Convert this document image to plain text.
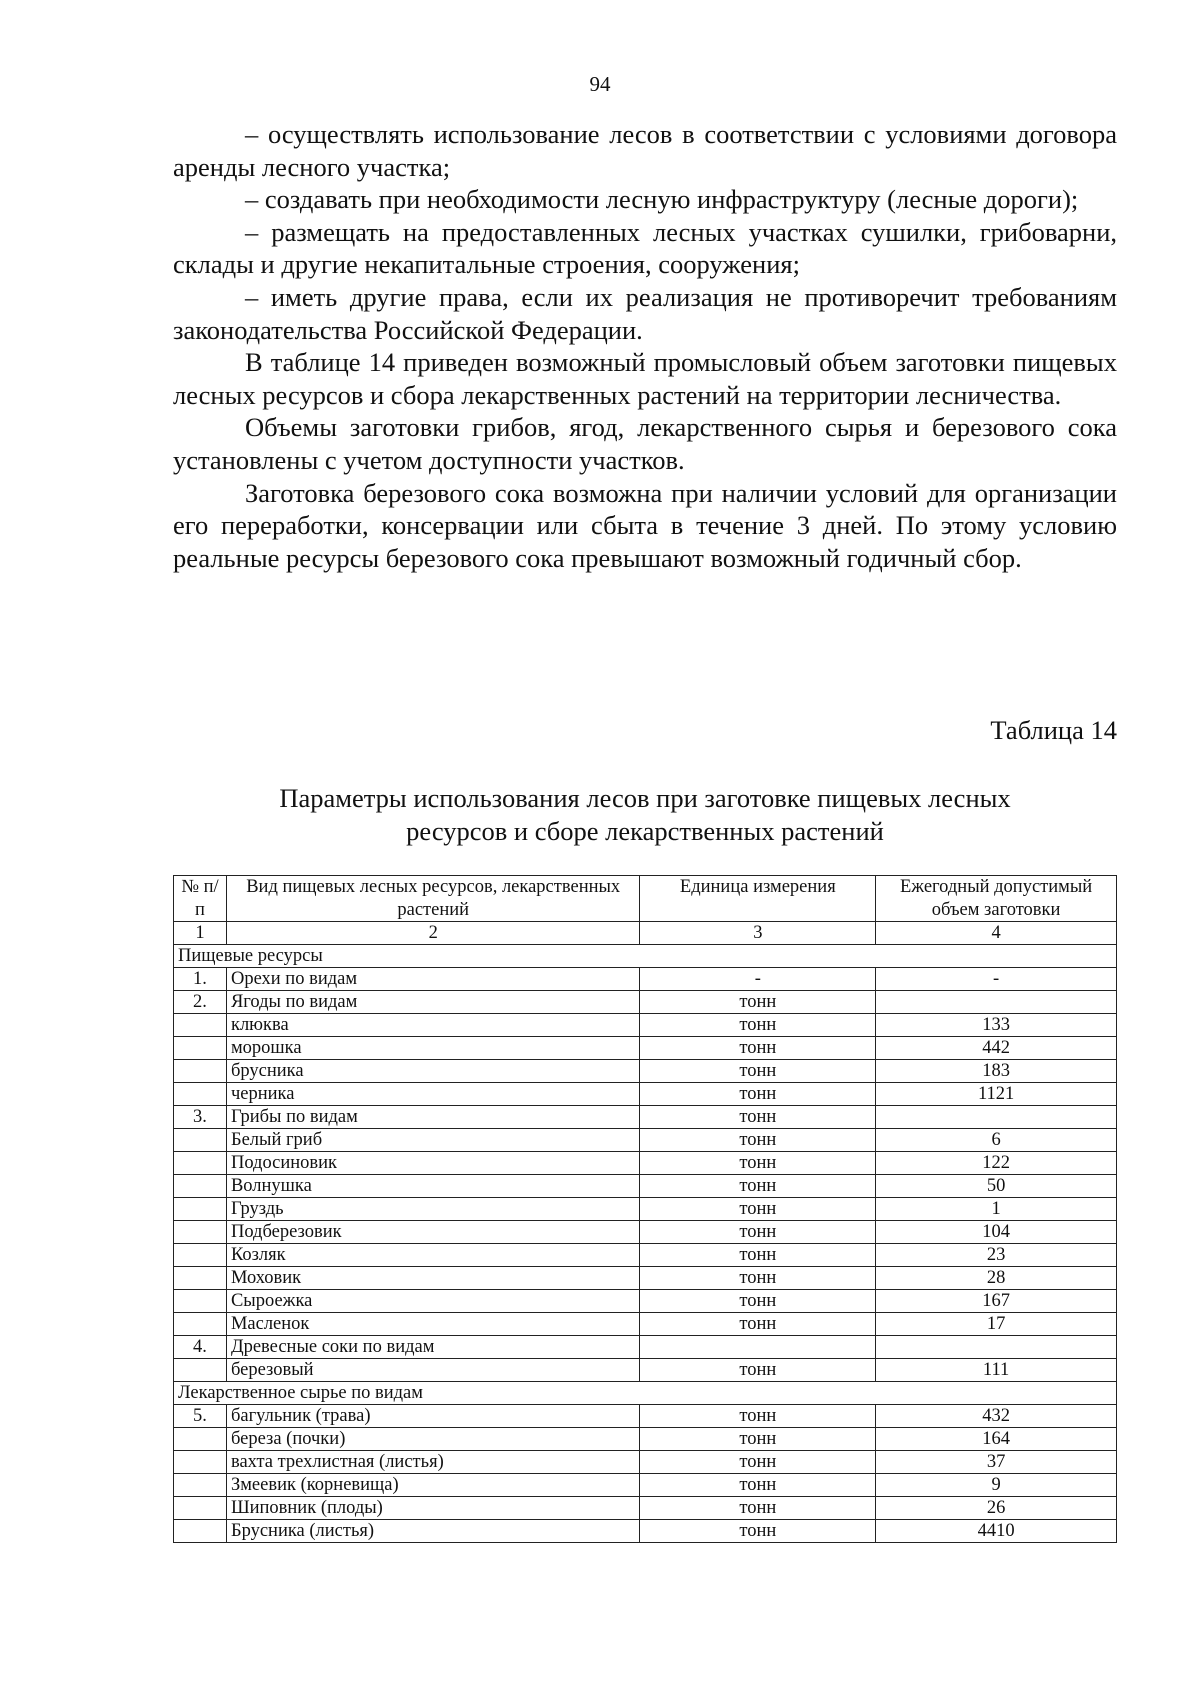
94

– осуществлять использование лесов в соответствии с условиями договора аренды лесного участка;

– создавать при необходимости лесную инфраструктуру (лесные дороги);

– размещать на предоставленных лесных участках сушилки, грибоварни, склады и другие некапитальные строения, сооружения;

– иметь другие права, если их реализация не противоречит требованиям законодательства Российской Федерации.

В таблице 14 приведен возможный промысловый объем заготовки пищевых лесных ресурсов и сбора лекарственных растений на территории лесничества.

Объемы заготовки грибов, ягод, лекарственного сырья и березового сока установлены с учетом доступности участков.

Заготовка березового сока возможна при наличии условий для организации его переработки, консервации или сбыта в течение 3 дней. По этому условию реальные ресурсы березового сока превышают возможный годичный сбор.

Таблица 14
Параметры использования лесов при заготовке пищевых лесных
ресурсов и сборе лекарственных растений
№ п/п	Вид пищевых лесных ресурсов, лекарственных растений	Единица измерения	Ежегодный допустимый объем заготовки
1	2	3	4
Пищевые ресурсы			
1.	Орехи по видам	-	-
2.	Ягоды по видам	тонн	
	клюква	тонн	133
	морошка	тонн	442
	брусника	тонн	183
	черника	тонн	1121
3.	Грибы по видам	тонн	
	Белый гриб	тонн	6
	Подосиновик	тонн	122
	Волнушка	тонн	50
	Груздь	тонн	1
	Подберезовик	тонн	104
	Козляк	тонн	23
	Моховик	тонн	28
	Сыроежка	тонн	167
	Масленок	тонн	17
4.	Древесные соки по видам		
	березовый	тонн	111
Лекарственное сырье по видам			
5.	багульник (трава)	тонн	432
	береза (почки)	тонн	164
	вахта трехлистная (листья)	тонн	37
	Змеевик (корневища)	тонн	9
	Шиповник (плоды)	тонн	26
	Брусника (листья)	тонн	4410
